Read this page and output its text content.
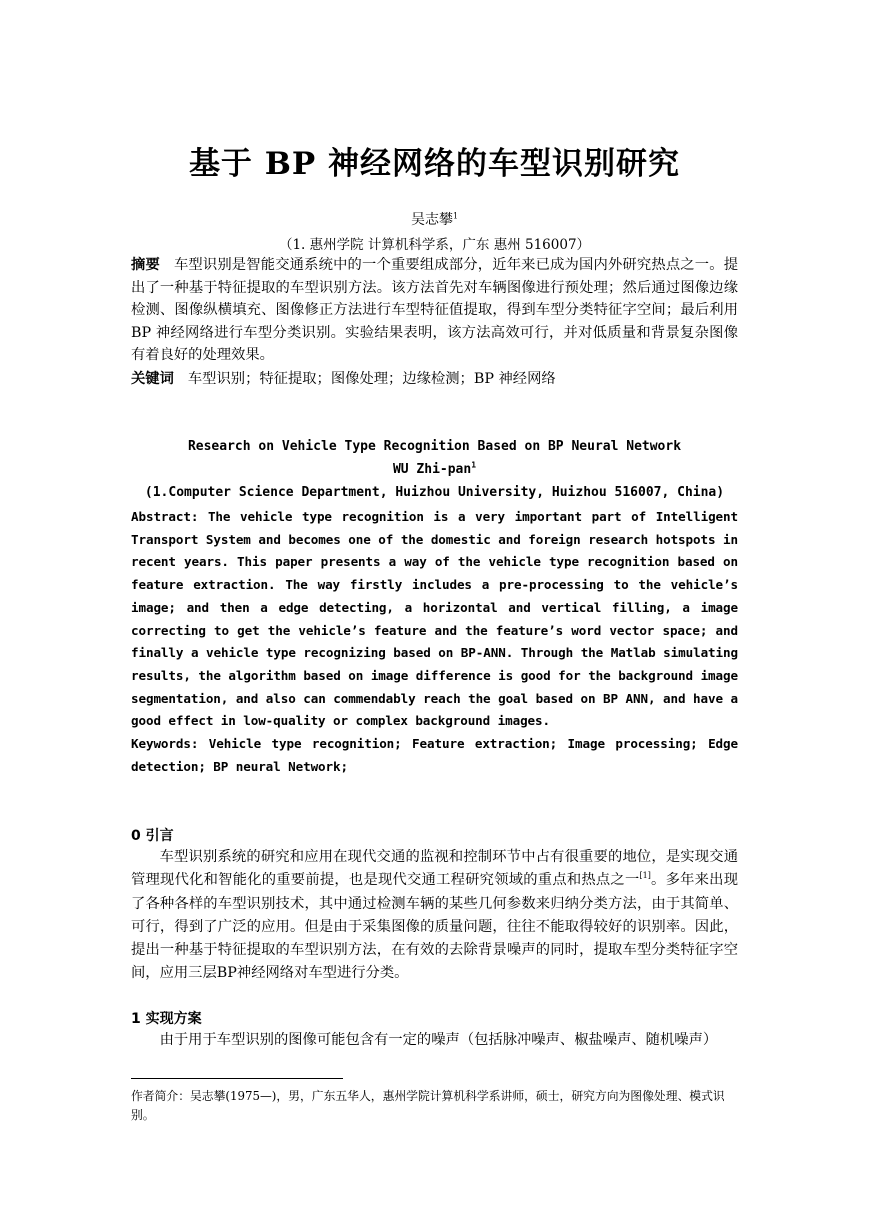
基于 BP 神经网络的车型识别研究
吴志攀$^1$
（1. 惠州学院 计算机科学系，广东 惠州 516007）
摘要 车型识别是智能交通系统中的一个重要组成部分，近年来已成为国内外研究热点之一。提出了一种基于特征提取的车型识别方法。该方法首先对车辆图像进行预处理；然后通过图像边缘检测、图像纵横填充、图像修正方法进行车型特征值提取，得到车型分类特征字空间；最后利用 BP 神经网络进行车型分类识别。实验结果表明，该方法高效可行，并对低质量和背景复杂图像有着良好的处理效果。
关键词 车型识别；特征提取；图像处理；边缘检测；BP 神经网络
Research on Vehicle Type Recognition Based on BP Neural Network
WU Zhi-pan$^1$
(1.Computer Science Department, Huizhou University, Huizhou 516007, China)
Abstract: The vehicle type recognition is a very important part of Intelligent Transport System and becomes one of the domestic and foreign research hotspots in recent years. This paper presents a way of the vehicle type recognition based on feature extraction. The way firstly includes a pre-processing to the vehicle’s image; and then a edge detecting, a horizontal and vertical filling, a image correcting to get the vehicle’s feature and the feature’s word vector space; and finally a vehicle type recognizing based on BP-ANN. Through the Matlab simulating results, the algorithm based on image difference is good for the background image segmentation, and also can commendably reach the goal based on BP ANN, and have a good effect in low-quality or complex background images.
Keywords: Vehicle type recognition; Feature extraction; Image processing; Edge detection; BP neural Network;
0 引言
车型识别系统的研究和应用在现代交通的监视和控制环节中占有很重要的地位，是实现交通管理现代化和智能化的重要前提，也是现代交通工程研究领域的重点和热点之一[1]。多年来出现了各种各样的车型识别技术，其中通过检测车辆的某些几何参数来归纳分类方法，由于其简单、可行，得到了广泛的应用。但是由于采集图像的质量问题，往往不能取得较好的识别率。因此，提出一种基于特征提取的车型识别方法，在有效的去除背景噪声的同时，提取车型分类特征字空间，应用三层BP神经网络对车型进行分类。
1 实现方案
由于用于车型识别的图像可能包含有一定的噪声（包括脉冲噪声、椒盐噪声、随机噪声）
作者简介：吴志攀(1975—)，男，广东五华人，惠州学院计算机科学系讲师，硕士，研究方向为图像处理、模式识别。
